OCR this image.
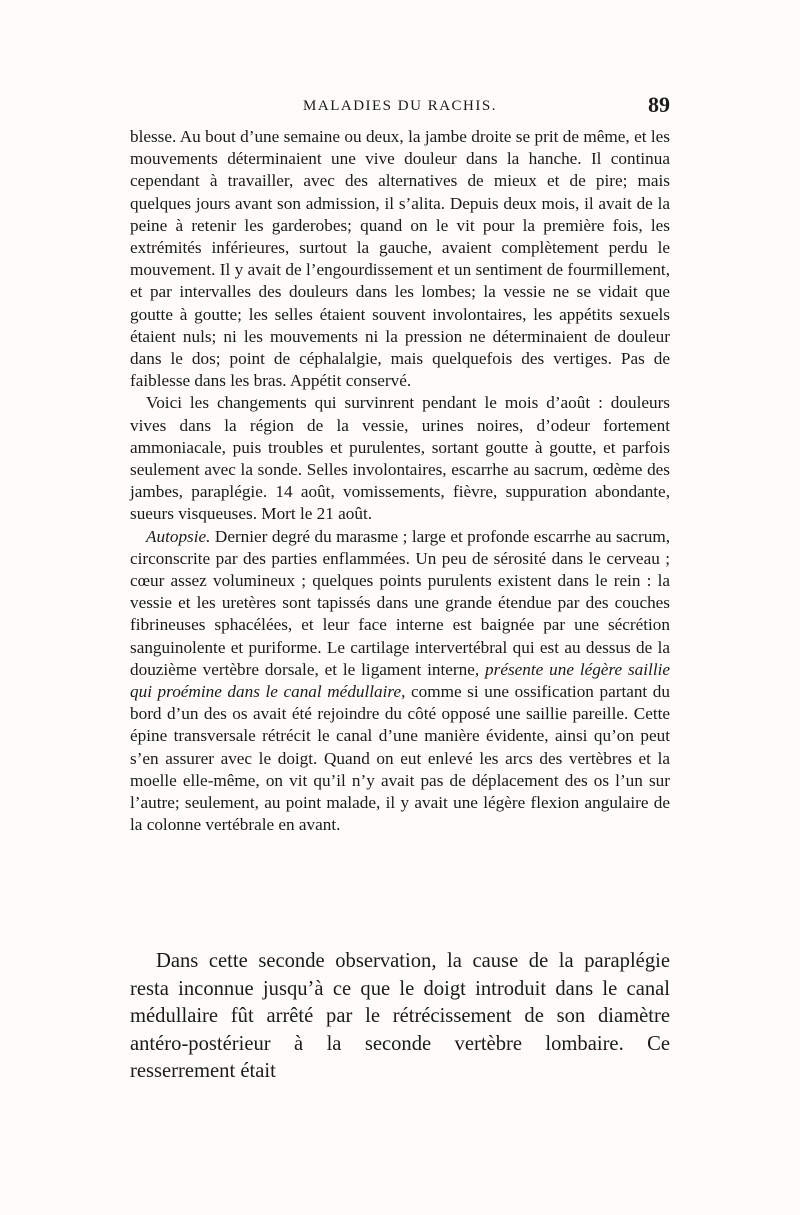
MALADIES DU RACHIS.	89

blesse. Au bout d’une semaine ou deux, la jambe droite se prit de même, et les mouvements déterminaient une vive douleur dans la hanche. Il continua cependant à travailler, avec des alternatives de mieux et de pire; mais quelques jours avant son admission, il s’alita. Depuis deux mois, il avait de la peine à retenir les garderobes; quand on le vit pour la première fois, les extrémités inférieures, surtout la gauche, avaient complètement perdu le mouvement. Il y avait de l’engourdissement et un sentiment de fourmillement, et par intervalles des douleurs dans les lombes; la vessie ne se vidait que goutte à goutte; les selles étaient souvent involontaires, les appétits sexuels étaient nuls; ni les mouvements ni la pression ne déterminaient de douleur dans le dos; point de céphalalgie, mais quelquefois des vertiges. Pas de faiblesse dans les bras. Appétit conservé.

Voici les changements qui survinrent pendant le mois d’août : douleurs vives dans la région de la vessie, urines noires, d’odeur fortement ammoniacale, puis troubles et purulentes, sortant goutte à goutte, et parfois seulement avec la sonde. Selles involontaires, escarrhe au sacrum, œdème des jambes, paraplégie. 14 août, vomissements, fièvre, suppuration abondante, sueurs visqueuses. Mort le 21 août.

Autopsie. Dernier degré du marasme ; large et profonde escarrhe au sacrum, circonscrite par des parties enflammées. Un peu de sérosité dans le cerveau ; cœur assez volumineux ; quelques points purulents existent dans le rein : la vessie et les uretères sont tapissés dans une grande étendue par des couches fibrineuses sphacélées, et leur face interne est baignée par une sécrétion sanguinolente et puriforme. Le cartilage intervertébral qui est au dessus de la douzième vertèbre dorsale, et le ligament interne, présente une légère saillie qui proémine dans le canal médullaire, comme si une ossification partant du bord d’un des os avait été rejoindre du côté opposé une saillie pareille. Cette épine transversale rétrécit le canal d’une manière évidente, ainsi qu’on peut s’en assurer avec le doigt. Quand on eut enlevé les arcs des vertèbres et la moelle elle-même, on vit qu’il n’y avait pas de déplacement des os l’un sur l’autre; seulement, au point malade, il y avait une légère flexion angulaire de la colonne vertébrale en avant.

Dans cette seconde observation, la cause de la paraplégie resta inconnue jusqu’à ce que le doigt introduit dans le canal médullaire fût arrêté par le rétrécissement de son diamètre antéro-postérieur à la seconde vertèbre lombaire. Ce resserrement était
